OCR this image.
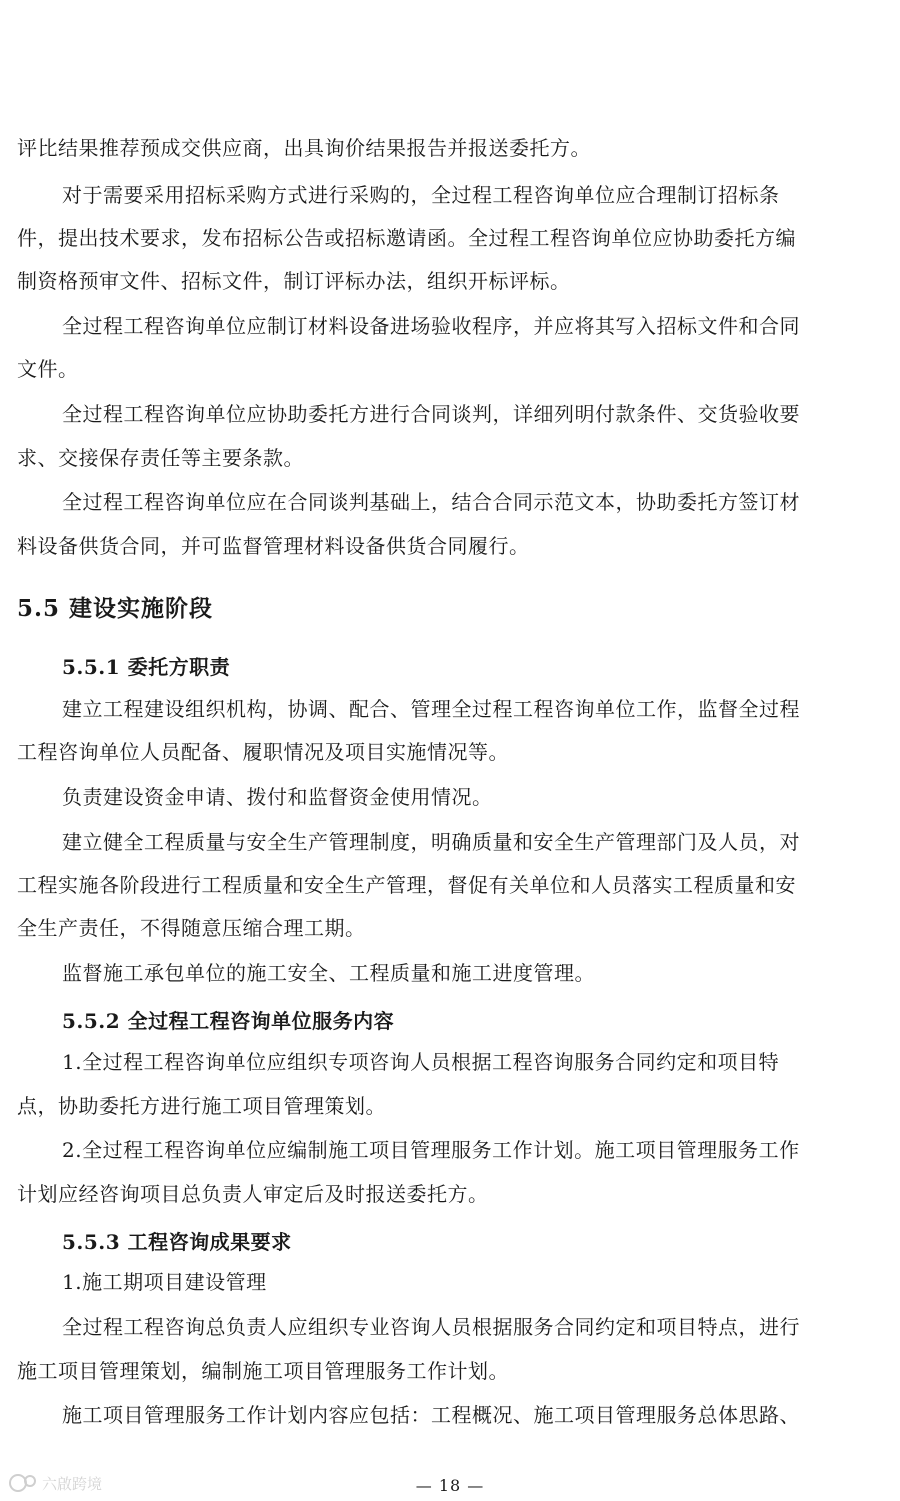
评比结果推荐预成交供应商，出具询价结果报告并报送委托方。
对于需要采用招标采购方式进行采购的，全过程工程咨询单位应合理制订招标条
件，提出技术要求，发布招标公告或招标邀请函。全过程工程咨询单位应协助委托方编
制资格预审文件、招标文件，制订评标办法，组织开标评标。
全过程工程咨询单位应制订材料设备进场验收程序，并应将其写入招标文件和合同
文件。
全过程工程咨询单位应协助委托方进行合同谈判，详细列明付款条件、交货验收要
求、交接保存责任等主要条款。
全过程工程咨询单位应在合同谈判基础上，结合合同示范文本，协助委托方签订材
料设备供货合同，并可监督管理材料设备供货合同履行。
5.5 建设实施阶段
5.5.1 委托方职责
建立工程建设组织机构，协调、配合、管理全过程工程咨询单位工作，监督全过程
工程咨询单位人员配备、履职情况及项目实施情况等。
负责建设资金申请、拨付和监督资金使用情况。
建立健全工程质量与安全生产管理制度，明确质量和安全生产管理部门及人员，对
工程实施各阶段进行工程质量和安全生产管理，督促有关单位和人员落实工程质量和安
全生产责任，不得随意压缩合理工期。
监督施工承包单位的施工安全、工程质量和施工进度管理。
5.5.2 全过程工程咨询单位服务内容
1.全过程工程咨询单位应组织专项咨询人员根据工程咨询服务合同约定和项目特
点，协助委托方进行施工项目管理策划。
2.全过程工程咨询单位应编制施工项目管理服务工作计划。施工项目管理服务工作
计划应经咨询项目总负责人审定后及时报送委托方。
5.5.3 工程咨询成果要求
1.施工期项目建设管理
全过程工程咨询总负责人应组织专业咨询人员根据服务合同约定和项目特点，进行
施工项目管理策划，编制施工项目管理服务工作计划。
施工项目管理服务工作计划内容应包括：工程概况、施工项目管理服务总体思路、
— 18 —
六啟跨境
